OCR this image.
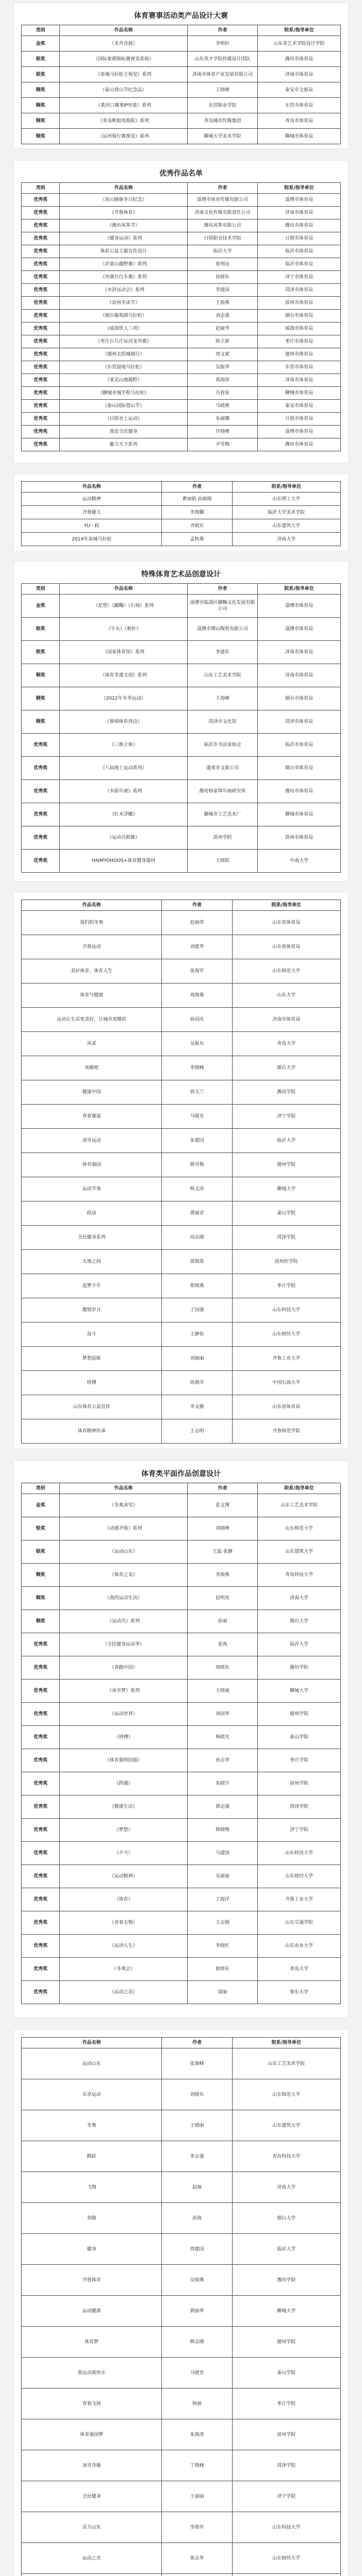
体育赛事活动类产品设计大赛
类别	作品名称	作者	院系/指导单位
金奖	《龙舟竞渡》	李明轩	山东省艺术学院设计学院
银奖	《国际象棋锦标赛视觉系统》	山东英才学院传媒设计团队	潍坊市体育局
银奖	《泉城马拉松主视觉》系列	济南市体育产业发展有限公司	济南市体育局
铜奖	《泰山登山节纪念品》	王晓峰	泰安市文旅局
铜奖	《黄河口赛事IP形象》系列	东营职业学院	东营市体育局
铜奖	《青岛帆船周海报》系列	青岛城市传媒集团	青岛市体育局
铜奖	《运河骑行赛视觉》系列	聊城大学美术学院	聊城市体育局
优秀作品名单
类别	作品名称	作者	院系/指导单位
优秀奖	《泉山脉脉冬日纪念》	淄博市体育传媒有限公司	淄博市体育局
优秀奖	《齐鲁体育》	济南文化传媒有限责任公司	济南市体育局
优秀奖	《潍坊风筝节》	潍坊风筝有限公司	潍坊市体育局
优秀奖	《健身运动》系列	日照职业技术学院	日照市体育局
优秀奖	体彩公益主题宣传设计	临沂大学	临沂市体育局
优秀奖	《沂蒙山越野赛》系列	张明远	临沂市体育局
优秀奖	《环湖自行车赛》系列	孙晓东	济宁市体育局
优秀奖	《水浒运动会》系列	李建国	菏泽市体育局
优秀奖	《滨州冬泳节》	王海燕	滨州市体育局
优秀奖	《烟台葡萄酒马拉松》	刘志强	烟台市体育局
优秀奖	《威海铁人三项》	赵丽华	威海市体育局
优秀奖	《枣庄台儿庄运河龙舟赛》	陈立新	枣庄市体育局
优秀奖	《德州太阳城骑行》	周文斌	德州市体育局
优秀奖	《东营湿地马拉松》	吴振华	东营市体育局
优秀奖	《莱芜山地越野》	郑海涛	济南市体育局
优秀奖	《聊城水城半程马拉松》	冯春雷	聊城市体育局
优秀奖	《泰山国际登山节》	马晓燕	泰安市体育局
优秀奖	《日照水上运动》	朱丽娜	日照市体育局
优秀奖	我是全民健身	许晓峰	淄博市体育局
优秀奖	魅力天下系列	尹雪梅	潍坊市体育局
作品名称	作者	院系/指导单位
运动精神	曹丽娟 孙晓刚	山东理工大学
齐鲁健儿	李海鹏	临沂大学美术学院
YU · 跃	齐晓东	山东建筑大学
2019年泉城马拉松	孟秋燕	济南大学
特殊体育艺术品创意设计
类别	作品名称	作者	院系/指导单位
金奖	《泥塑》《蹴鞠》《石刻》系列	淄博市临淄区蹴鞠文化发展有限公司	淄博市体育局
银奖	《牛头》《相扑》	淄博市博山陶瓷有限公司	淄博市体育局
银奖	《国家体育馆》系列	李建东	济南市体育局
铜奖	《体育非遗文创》系列	山东工艺美术学院	济南市体育局
铜奖	《2022年冬季运动》	王海峰	烟台市体育局
铜奖	《鲁锦体育周边》	菏泽市文化馆	菏泽市体育局
优秀奖	《三维立体》	临沂市书法家协会	临沂市体育局
优秀奖	《八仙海上运动系列》	蓬莱市文旅公司	烟台市体育局
优秀奖	《木版年画》系列	潍坊杨家埠年画研究所	潍坊市体育局
优秀奖	《红木浮雕》	聊城市工艺美术厂	聊城市体育局
优秀奖	《运动员群像》	滨州学院	滨州市体育局
优秀奖	HAIMYOHOOS+体育健身器材	王晓阳	中南大学
作品名称	作者	院系/指导单位
我们的冬奥	赵丽萍	山东省体育局
齐鲁运动	刘建华	山东省体育局
美好体育，体育人生	张海军	山东师范大学
体育与健康	周海燕	山东大学
运动让生活更美好，让城市更精彩	孙国庆	济南市体育局
风采	吴振东	青岛大学
奔跑吧	李晓峰	烟台大学
健康中国	郭玉兰	潍坊学院
青春赛道	马晓光	济宁学院
冰雪运动	朱建国	临沂大学
体育强国	韩雪梅	德州学院
运动节奏	杨文涛	聊城大学
跃动	黄丽君	泰山学院
全民健身系列	田志刚	菏泽学院
天地之间	邵海波	滨州医学院
追梦少年	崔晓燕	枣庄学院
激情岁月	丁国强	山东科技大学
奋斗	王静怡	山东财经大学
梦想起航	刘丽丽	齐鲁工业大学
拼搏	孙海洋	中国石油大学
山东体育公益宣传	李文静	山东省体育局
体育精神传承	王志明	齐鲁师范学院
体育类平面作品创意设计
类别	作品名称	作者	院系/指导单位
金奖	《冬奥冰雪》	张文博	山东工艺美术学院
银奖	《动感齐鲁》系列	刘晓峰	山东师范大学
银奖	《运动山东》	王磊 张静	山东建筑大学
铜奖	《体育之美》	李海燕	青岛科技大学
铜奖	《我的运动生活》	赵明亮	济南大学
铜奖	《运动员》系列	孙丽	烟台大学
优秀奖	《全民健身运动季》	张海	临沂大学
优秀奖	《奔跑中国》	周晓东	潍坊学院
优秀奖	《冰雪梦》系列	王晓丽	聊城大学
优秀奖	《运动世界》	刘国华	德州学院
优秀奖	《拼搏》	杨晓光	泰山学院
优秀奖	《体育强则国强》	孙志华	枣庄学院
优秀奖	《跨越》	朱晓宇	滨州学院
优秀奖	《健康生活》	郭志强	菏泽学院
优秀奖	《梦想》	韩晓梅	济宁学院
优秀奖	《乒乓》	马建国	山东科技大学
优秀奖	《运动精神》	吴丽丽	山东财经大学
优秀奖	《体育》	丁海洋	齐鲁工业大学
优秀奖	《青春无悔》	王志刚	山东交通学院
优秀奖	《运动人生》	李晓红	山东农业大学
优秀奖	《冬奥会》	崔晓东	青岛大学
优秀奖	《运动之美》	邵丽	鲁东大学
作品名称	作者	院系/指导单位
运动山东	张海峰	山东工艺美术学院
乐享运动	刘晓东	山东师范大学
冬奥	王晓丽	山东建筑大学
跳跃	李志强	青岛科技大学
飞翔	赵丽	济南大学
奔跑	孙海	烟台大学
健身	周建国	临沂大学
齐鲁体育	吴晓燕	潍坊学院
运动健康	郭丽华	聊城大学
体育梦	韩志刚	德州学院
我运动我快乐	马晓光	泰山学院
青春飞扬	杨丽	枣庄学院
体育强国梦	朱海涛	滨州学院
冰雪奇缘	丁晓峰	菏泽学院
全民健身	王丽丽	济宁学院
活力山东	李海军	山东科技大学
运动之光	崔志华	山东财经大学
